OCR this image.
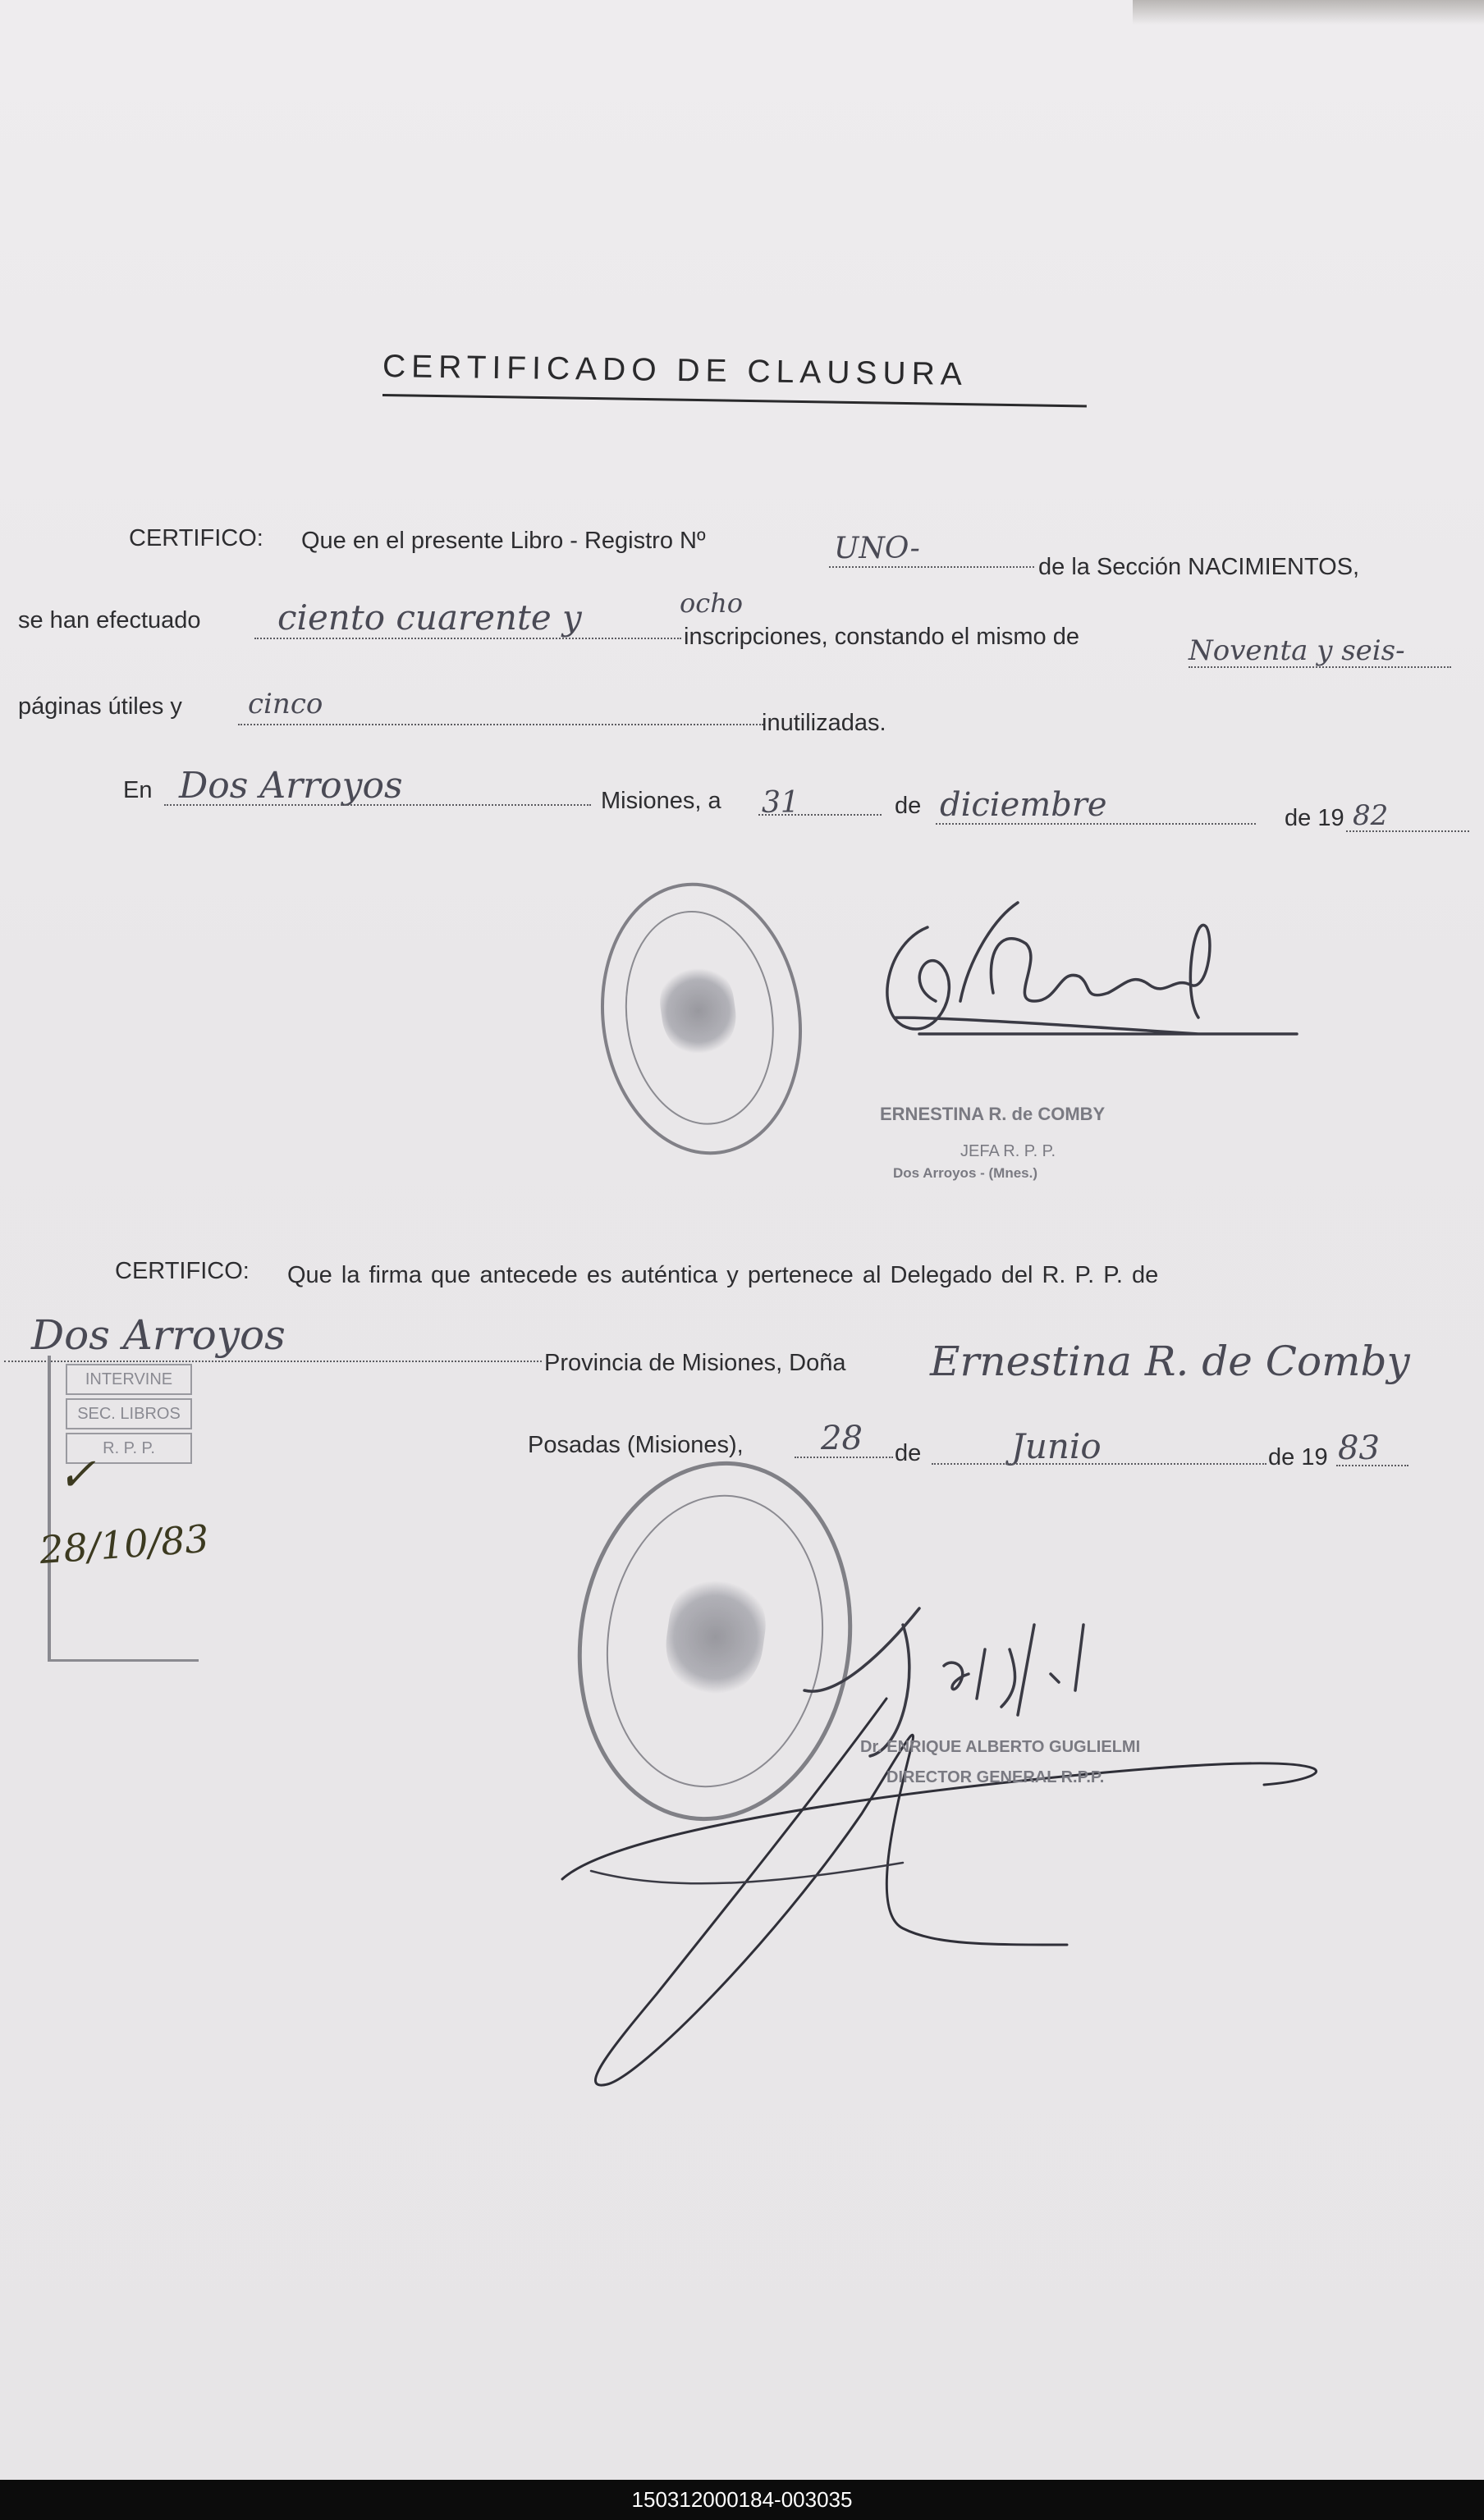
CERTIFICADO DE CLAUSURA
CERTIFICO: Que en el presente Libro - Registro Nº	UNO-
de la Sección NACIMIENTOS,
se han efectuado ciento cuarente y	ocho
inscripciones, constando el mismo de	Noventa y seis-
páginas útiles y cinco
inutilizadas.
En Dos Arroyos	Misiones, a 31	de diciembre	de 19 82
ERNESTINA R. de COMBY
JEFA R. P. P.
Dos Arroyos - (Mnes.)
CERTIFICO: Que la firma que antecede es auténtica y pertenece al Delegado del R. P. P. de
Dos Arroyos
Provincia de Misiones, Doña Ernestina R. de Comby
Posadas (Misiones), 28 de	Junio	de 19 83
INTERVINE
SEC. LIBROS
R. P. P.
✓
28/10/83
Dr. ENRIQUE ALBERTO GUGLIELMI
DIRECTOR GENERAL R.P.P.
150312000184-003035
